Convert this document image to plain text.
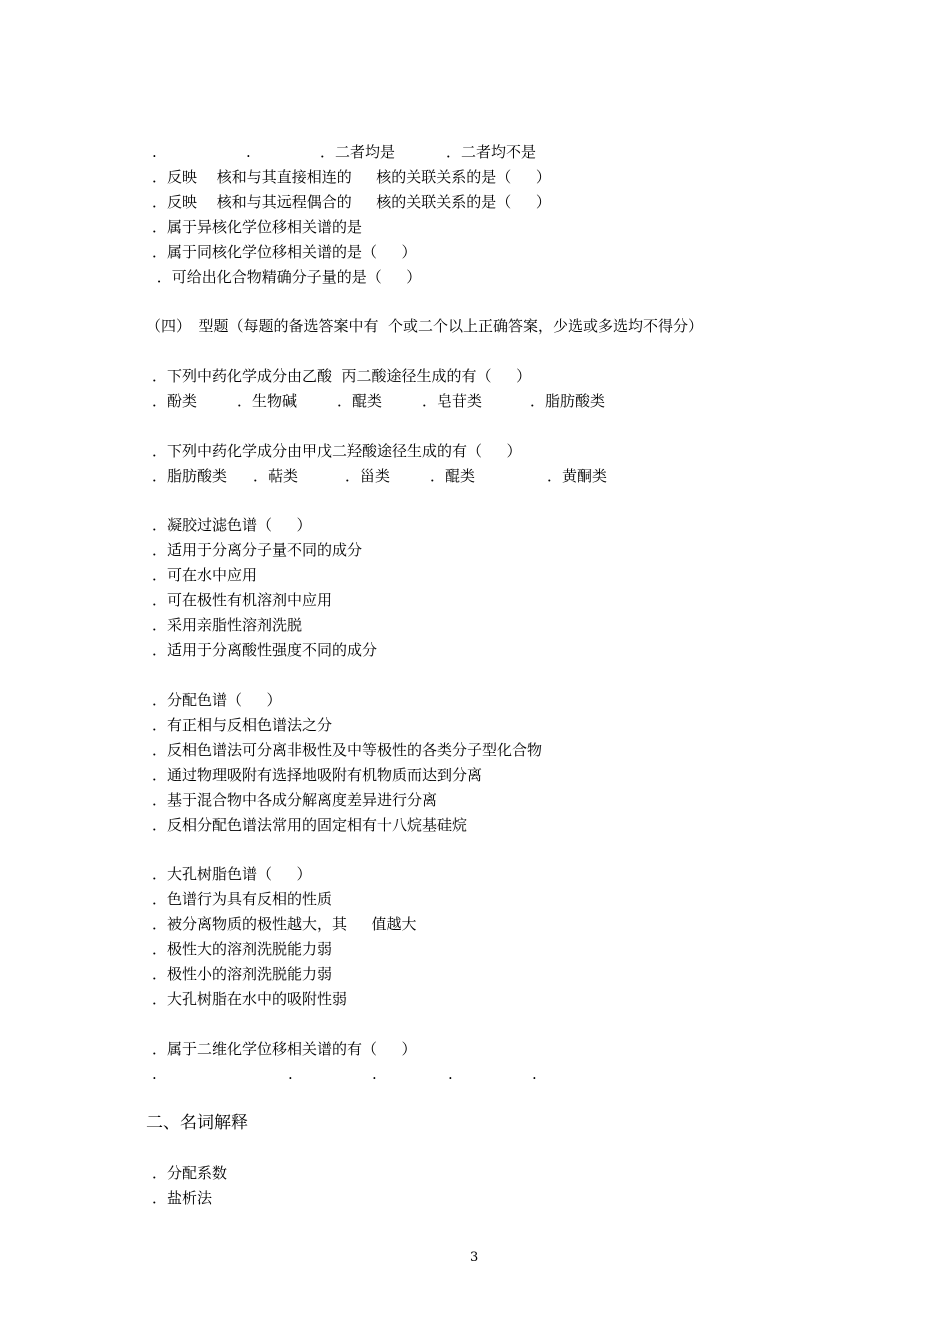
.	.	．二者均是	．二者均不是
．反映　 核和与其直接相连的　  核的关联关系的是（　  ）
．反映　 核和与其远程偶合的　  核的关联关系的是（　  ）
．属于异核化学位移相关谱的是
．属于同核化学位移相关谱的是（　  ）
．可给出化合物精确分子量的是（　  ）
（四）　型题（每题的备选答案中有  个或二个以上正确答案，少选或多选均不得分）
．下列中药化学成分由乙酸  丙二酸途径生成的有（　  ）
．酚类	．生物碱	．醌类	．皂苷类	．脂肪酸类
．下列中药化学成分由甲戊二羟酸途径生成的有（　  ）
．脂肪酸类 ．萜类	．甾类	．醌类	．黄酮类
．凝胶过滤色谱（　  ）
．适用于分离分子量不同的成分
．可在水中应用
．可在极性有机溶剂中应用
．采用亲脂性溶剂洗脱
．适用于分离酸性强度不同的成分
．分配色谱（　  ）
．有正相与反相色谱法之分
．反相色谱法可分离非极性及中等极性的各类分子型化合物
．通过物理吸附有选择地吸附有机物质而达到分离
．基于混合物中各成分解离度差异进行分离
．反相分配色谱法常用的固定相有十八烷基硅烷
．大孔树脂色谱（　  ）
．色谱行为具有反相的性质
．被分离物质的极性越大，其　  值越大
．极性大的溶剂洗脱能力弱
．极性小的溶剂洗脱能力弱
．大孔树脂在水中的吸附性弱
．属于二维化学位移相关谱的有（　  ）
.	.	.	.	.
二、名词解释
．分配系数
．盐析法
3
